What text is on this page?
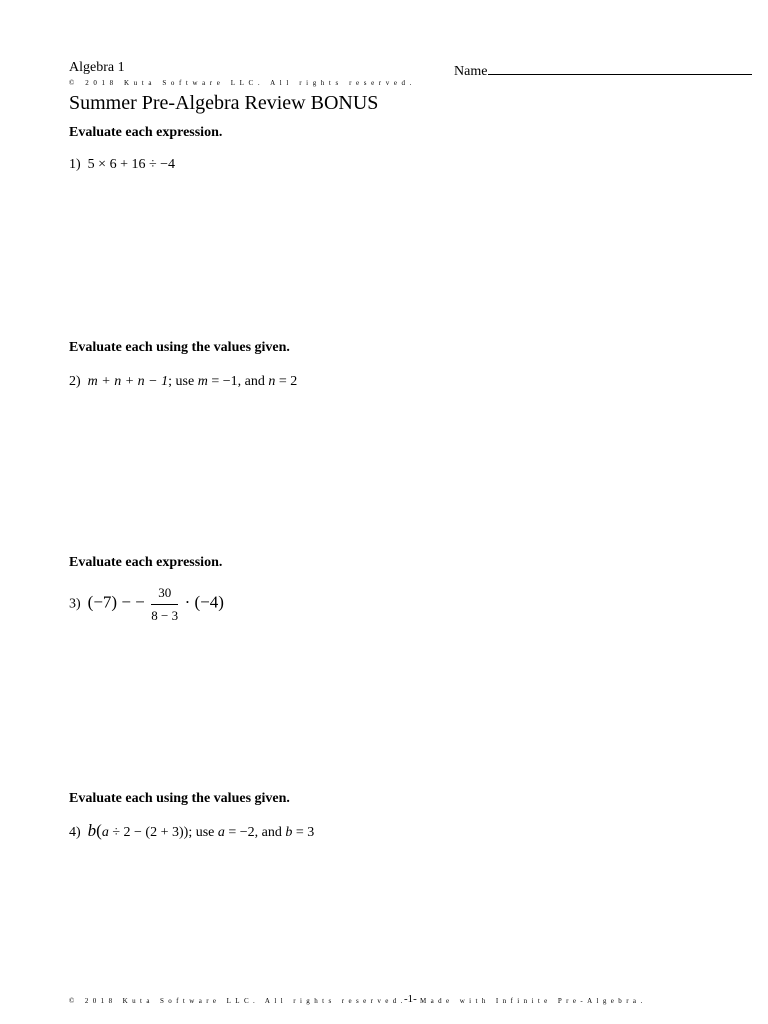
Algebra 1	Name
© 2018 Kuta Software LLC. All rights reserved.
Summer Pre-Algebra Review BONUS
Evaluate each expression.
1) 5 × 6 + 16 ÷ −4
Evaluate each using the values given.
2) m + n + n − 1; use m = −1, and n = 2
Evaluate each expression.
3) (−7) − − $\frac{30}{8 - 3} \cdot (-4)$
Evaluate each using the values given.
4) b(a ÷ 2 − (2 + 3)); use a = −2, and b = 3
© 2018 Kuta Software LLC. All rights reserved.
-1- Made with Infinite Pre-Algebra.
